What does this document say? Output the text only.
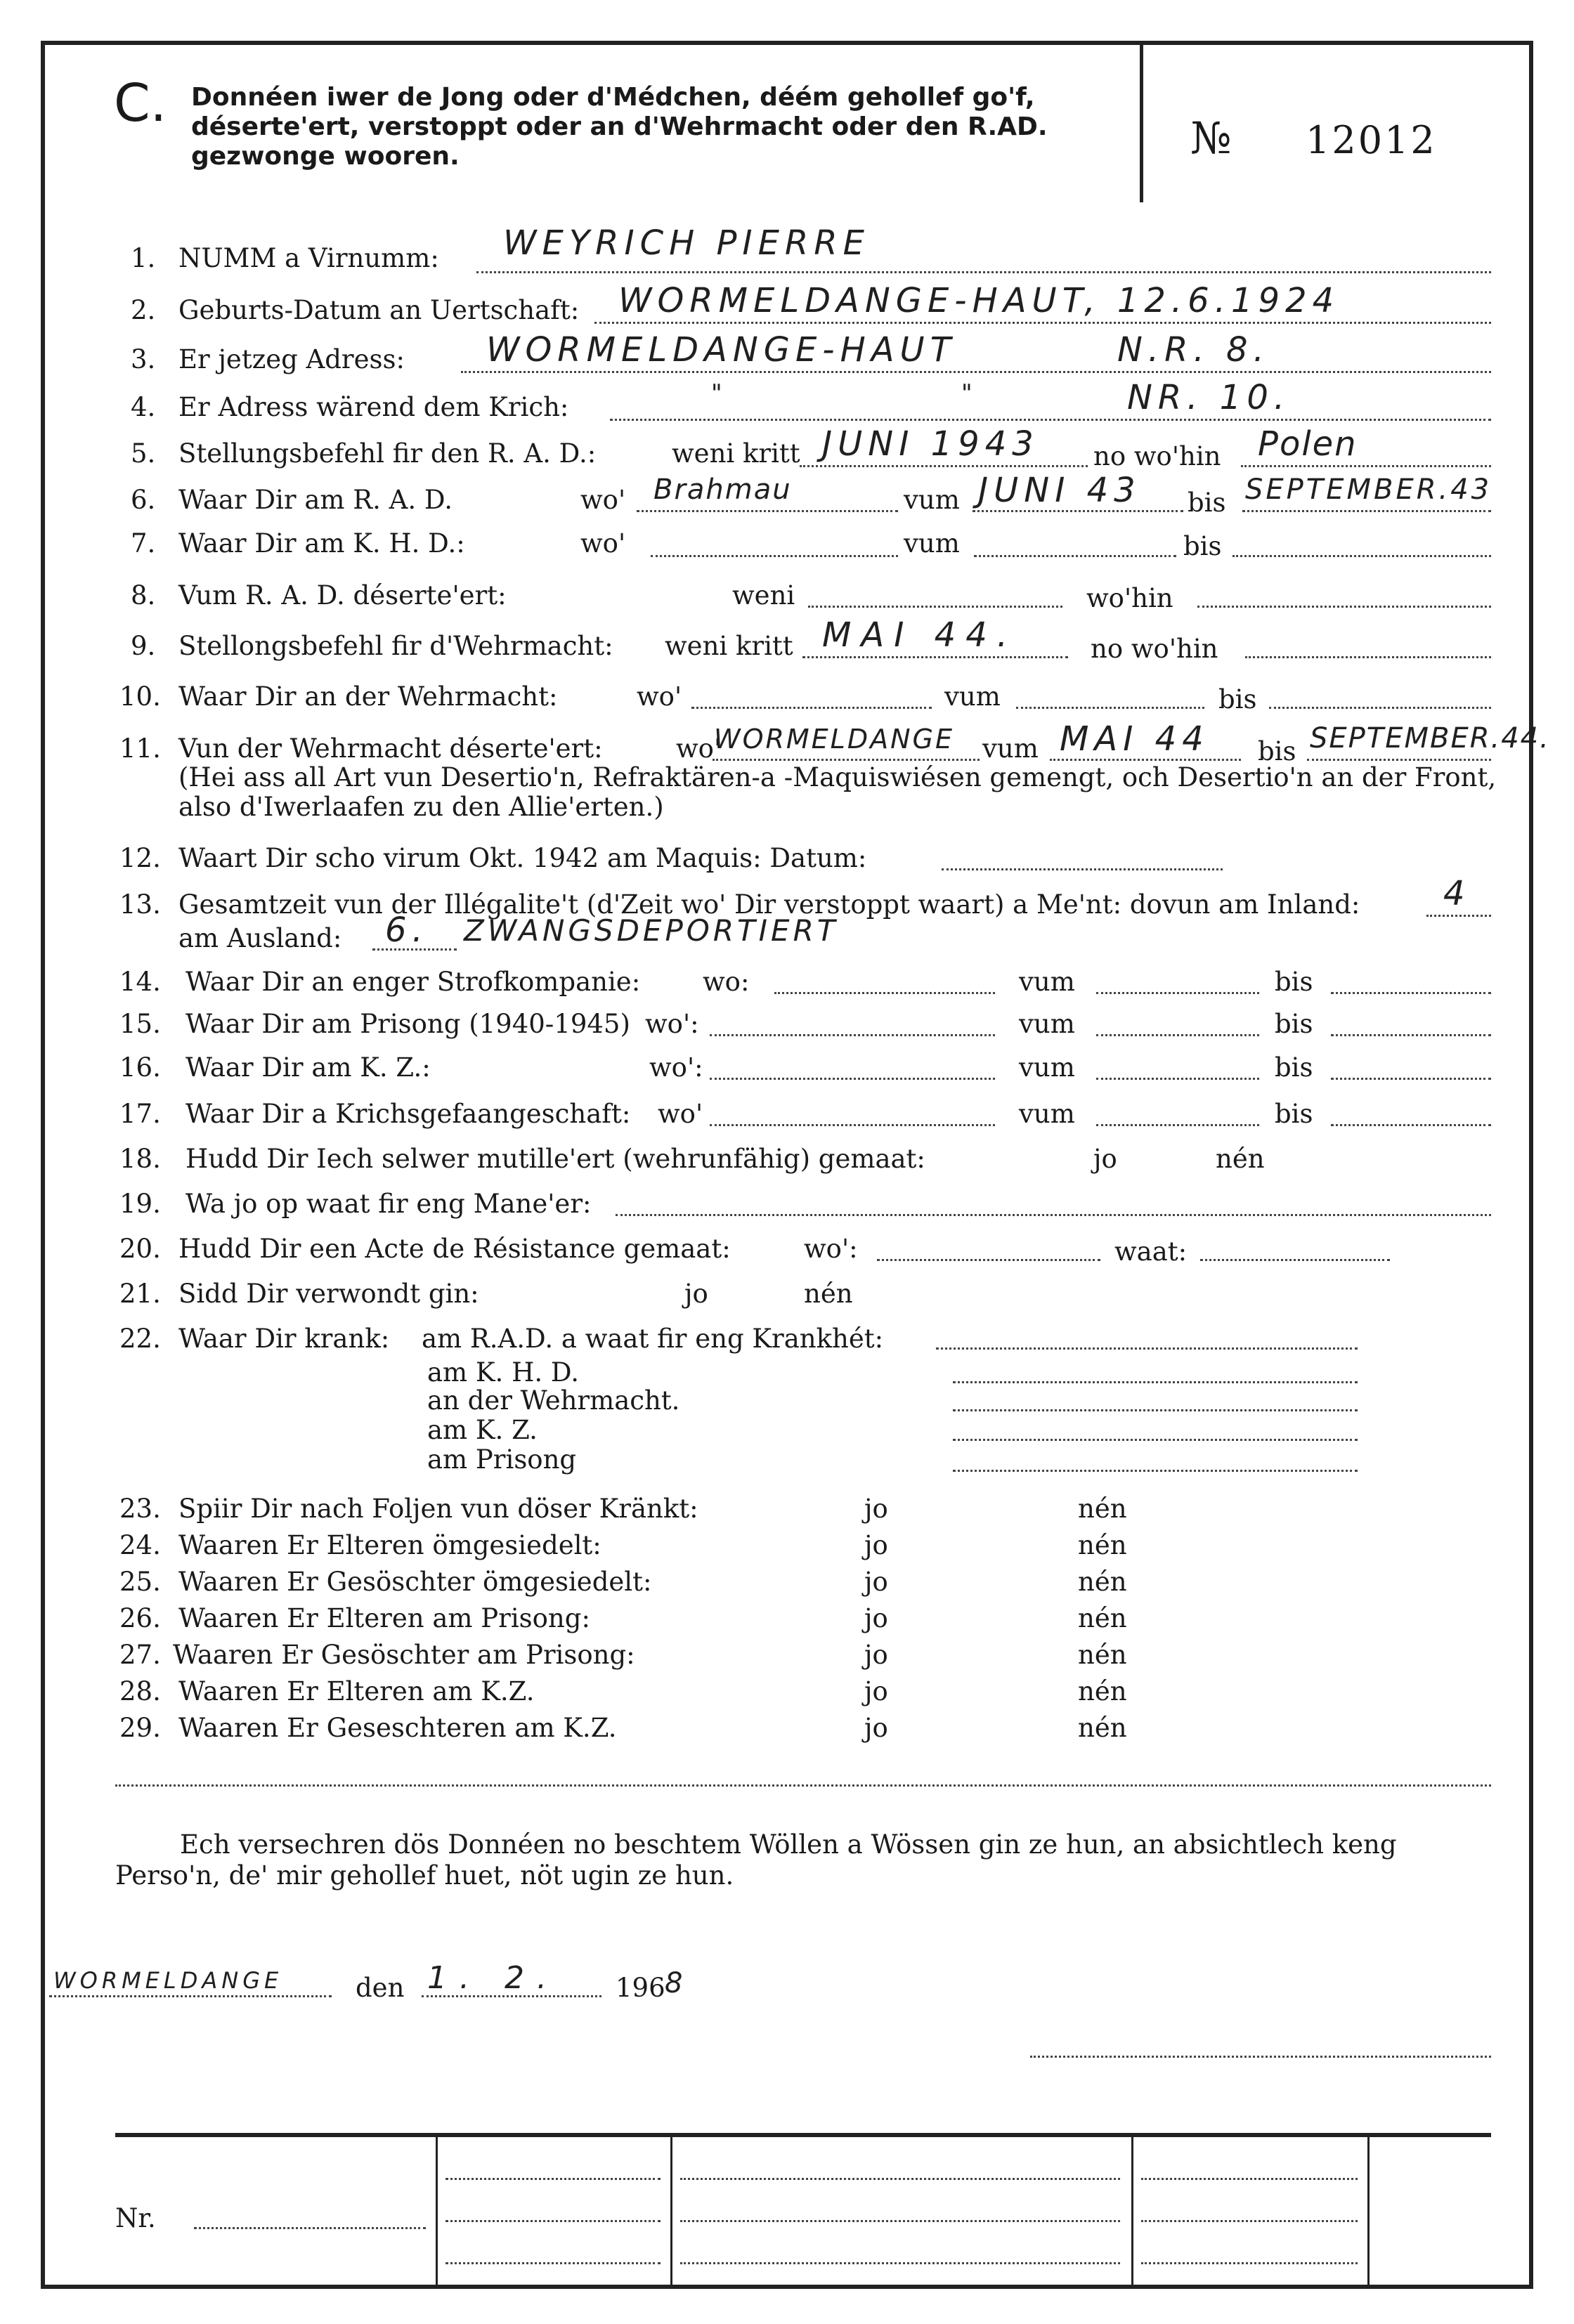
C. Donnéen iwer de Jong oder d'Médchen, déém gehollef go'f, déserte'ert, verstoppt oder an d'Wehrmacht oder den R.AD. gezwonge wooren.	№ 12012
1. NUMM a Virnumm: WEYRICH PIERRE
2. Geburts-Datum an Uertschaft: WORMELDANGE-HAUT, 12.6.1924
3. Er jetzeg Adress: WORMELDANGE-HAUT	N.R. 8.
4. Er Adress wärend dem Krich:	"	"	NR. 10.
5. Stellungsbefehl fir den R. A. D.:	weni kritt JUNI 1943 no wo'hin Polen
6. Waar Dir am R. A. D.	wo' Brahmau	vum JUNI 43 bis SEPTEMBER.43
7. Waar Dir am K. H. D.:	wo'	vum	bis
8. Vum R. A. D. déserte'ert:	weni	wo'hin
9. Stellongsbefehl fir d'Wehrmacht: weni kritt MAI 44.	no wo'hin
10. Waar Dir an der Wehrmacht:	wo'	vum	bis
11. Vun der Wehrmacht déserte'ert:	wo'
WORMELDANGE vum MAI 44 bis SEPTEMBER.44.
(Hei ass all Art vun Desertio'n, Refraktären-a -Maquiswiésen gemengt, och Desertio'n an der Front, also d'Iwerlaafen zu den Allie'erten.)
12. Waart Dir scho virum Okt. 1942 am Maquis: Datum:
13. Gesamtzeit vun der Illégalite't (d'Zeit wo' Dir verstoppt waart) a Me'nt: dovun am Inland: 4
am Ausland: 6. ZWANGSDEPORTIERT
14. Waar Dir an enger Strofkompanie: wo:	vum	bis
15. Waar Dir am Prisong (1940-1945) wo':	vum	bis
16. Waar Dir am K. Z.:	wo':	vum	bis
17. Waar Dir a Krichsgefaangeschaft: wo'	vum	bis
18. Hudd Dir Iech selwer mutille'ert (wehrunfähig) gemaat:	jo	nén
19. Wa jo op waat fir eng Mane'er:
20. Hudd Dir een Acte de Résistance gemaat:	wo':	waat:
21. Sidd Dir verwondt gin:	jo	nén
22. Waar Dir krank: am R.A.D. a waat fir eng Krankhét:
am K. H. D.
an der Wehrmacht.
am K. Z.
am Prisong
23. Spiir Dir nach Foljen vun döser Kränkt:	jo	nén
24. Waaren Er Elteren ömgesiedelt:	jo	nén
25. Waaren Er Gesöschter ömgesiedelt:	jo	nén
26. Waaren Er Elteren am Prisong:	jo	nén
27. Waaren Er Gesöschter am Prisong:	jo	nén
28. Waaren Er Elteren am K.Z.	jo	nén
29. Waaren Er Geseschteren am K.Z.	jo	nén
Ech versechren dös Donnéen no beschtem Wöllen a Wössen gin ze hun, an absichtlech keng Perso'n, de' mir gehollef huet, nöt ugin ze hun.
WORMELDANGE	den 1. 2. 196 8
Nr.
